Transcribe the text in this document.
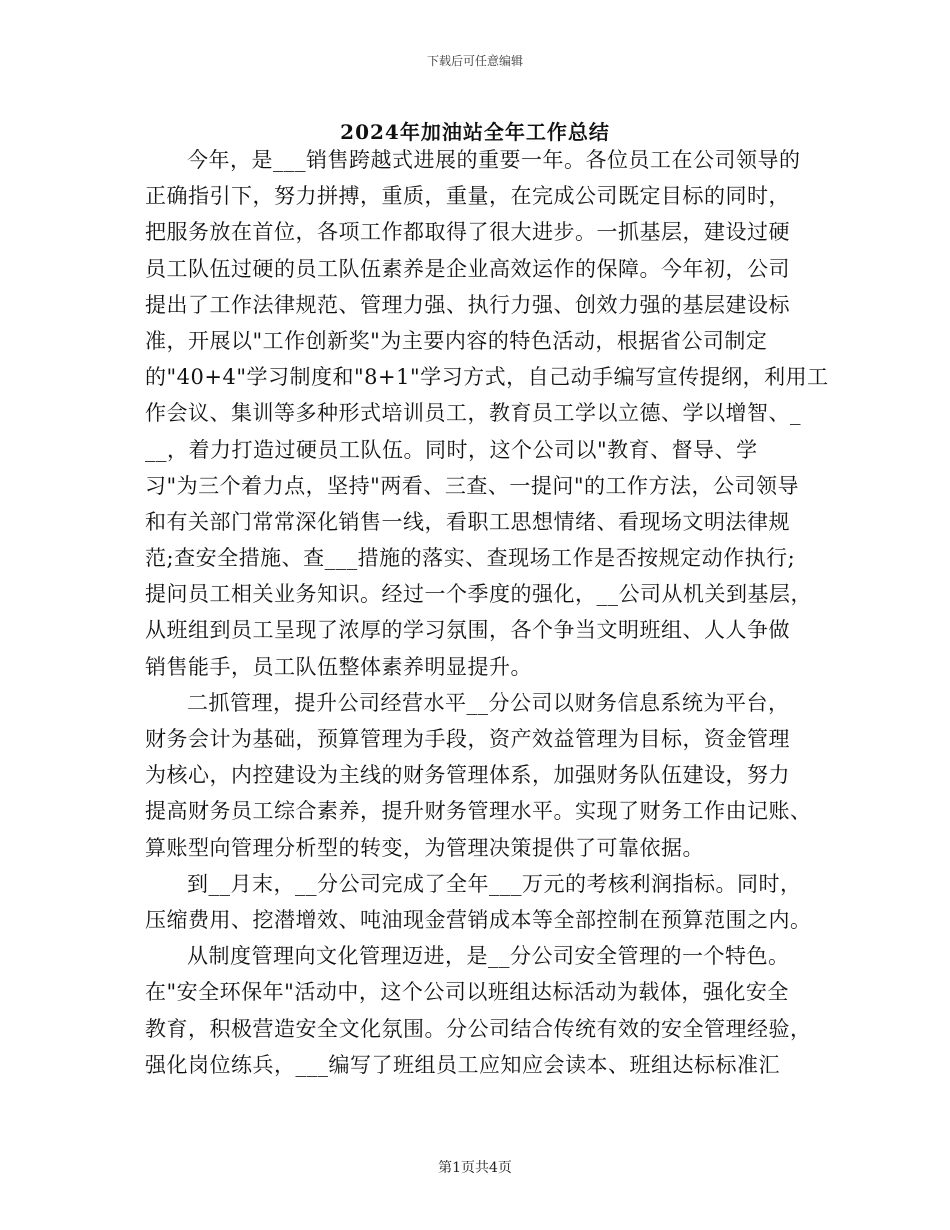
下载后可任意编辑
2024年加油站全年工作总结
今年，是___销售跨越式进展的重要一年。各位员工在公司领导的
正确指引下，努力拼搏，重质，重量，在完成公司既定目标的同时，
把服务放在首位，各项工作都取得了很大进步。一抓基层，建设过硬
员工队伍过硬的员工队伍素养是企业高效运作的保障。今年初，公司
提出了工作法律规范、管理力强、执行力强、创效力强的基层建设标
准，开展以"工作创新奖"为主要内容的特色活动，根据省公司制定
的"40+4"学习制度和"8+1"学习方式，自己动手编写宣传提纲，利用工
作会议、集训等多种形式培训员工，教育员工学以立德、学以增智、_
__，着力打造过硬员工队伍。同时，这个公司以"教育、督导、学
习"为三个着力点，坚持"两看、三查、一提问"的工作方法，公司领导
和有关部门常常深化销售一线，看职工思想情绪、看现场文明法律规
范;查安全措施、查___措施的落实、查现场工作是否按规定动作执行;
提问员工相关业务知识。经过一个季度的强化，__公司从机关到基层，
从班组到员工呈现了浓厚的学习氛围，各个争当文明班组、人人争做
销售能手，员工队伍整体素养明显提升。
二抓管理，提升公司经营水平__分公司以财务信息系统为平台，
财务会计为基础，预算管理为手段，资产效益管理为目标，资金管理
为核心，内控建设为主线的财务管理体系，加强财务队伍建设，努力
提高财务员工综合素养，提升财务管理水平。实现了财务工作由记账、
算账型向管理分析型的转变，为管理决策提供了可靠依据。
到__月末，__分公司完成了全年___万元的考核利润指标。同时，
压缩费用、挖潜增效、吨油现金营销成本等全部控制在预算范围之内。
从制度管理向文化管理迈进，是__分公司安全管理的一个特色。
在"安全环保年"活动中，这个公司以班组达标活动为载体，强化安全
教育，积极营造安全文化氛围。分公司结合传统有效的安全管理经验，
强化岗位练兵，___编写了班组员工应知应会读本、班组达标标准汇
第1页共4页
